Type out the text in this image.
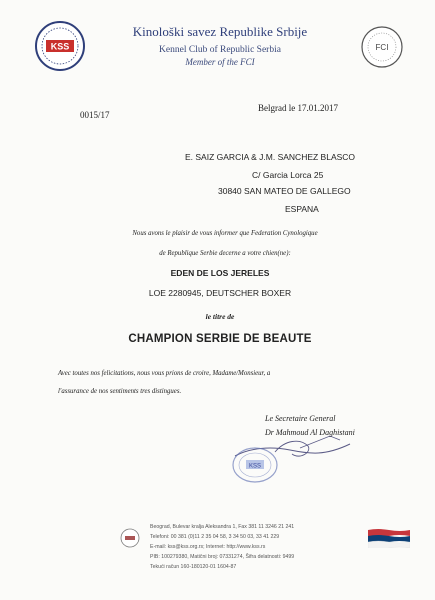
KSS
Kinološki savez Republike Srbije
Kennel Club of Republic Serbia
Member of the FCI
FCI
0015/17
Belgrad le 17.01.2017
E. SAIZ GARCIA & J.M. SANCHEZ BLASCO
C/ Garcia Lorca 25
30840 SAN MATEO DE GALLEGO
ESPANA
Nous avons le plaisir de vous informer que Federation Cynologique
de Republique Serbie decerne a votre chien(ne):
EDEN DE LOS JERELES
LOE 2280945, DEUTSCHER BOXER
le titre de
CHAMPION SERBIE DE BEAUTE
Avec toutes nos felicitations, nous vous prions de croire, Madame/Monsieur, a
l'assurance de nos sentiments tres distingues.
Le Secretaire General
Dr Mahmoud Al Daghistani
KSS
Beograd, Bulevar kralja Aleksandra 1, Fax 381 11 3246 21 241
Telefoni: 00 381 (0)11 2 35 04 58, 3 34 50 03, 33 41 229
E-mail: kss@kss.org.rs; Internet: http://www.kss.rs
PIB: 100279380, Matični broj: 07331274, Šifra delatnosti: 9499
Tekući račun 160-180120-01 1604-87
